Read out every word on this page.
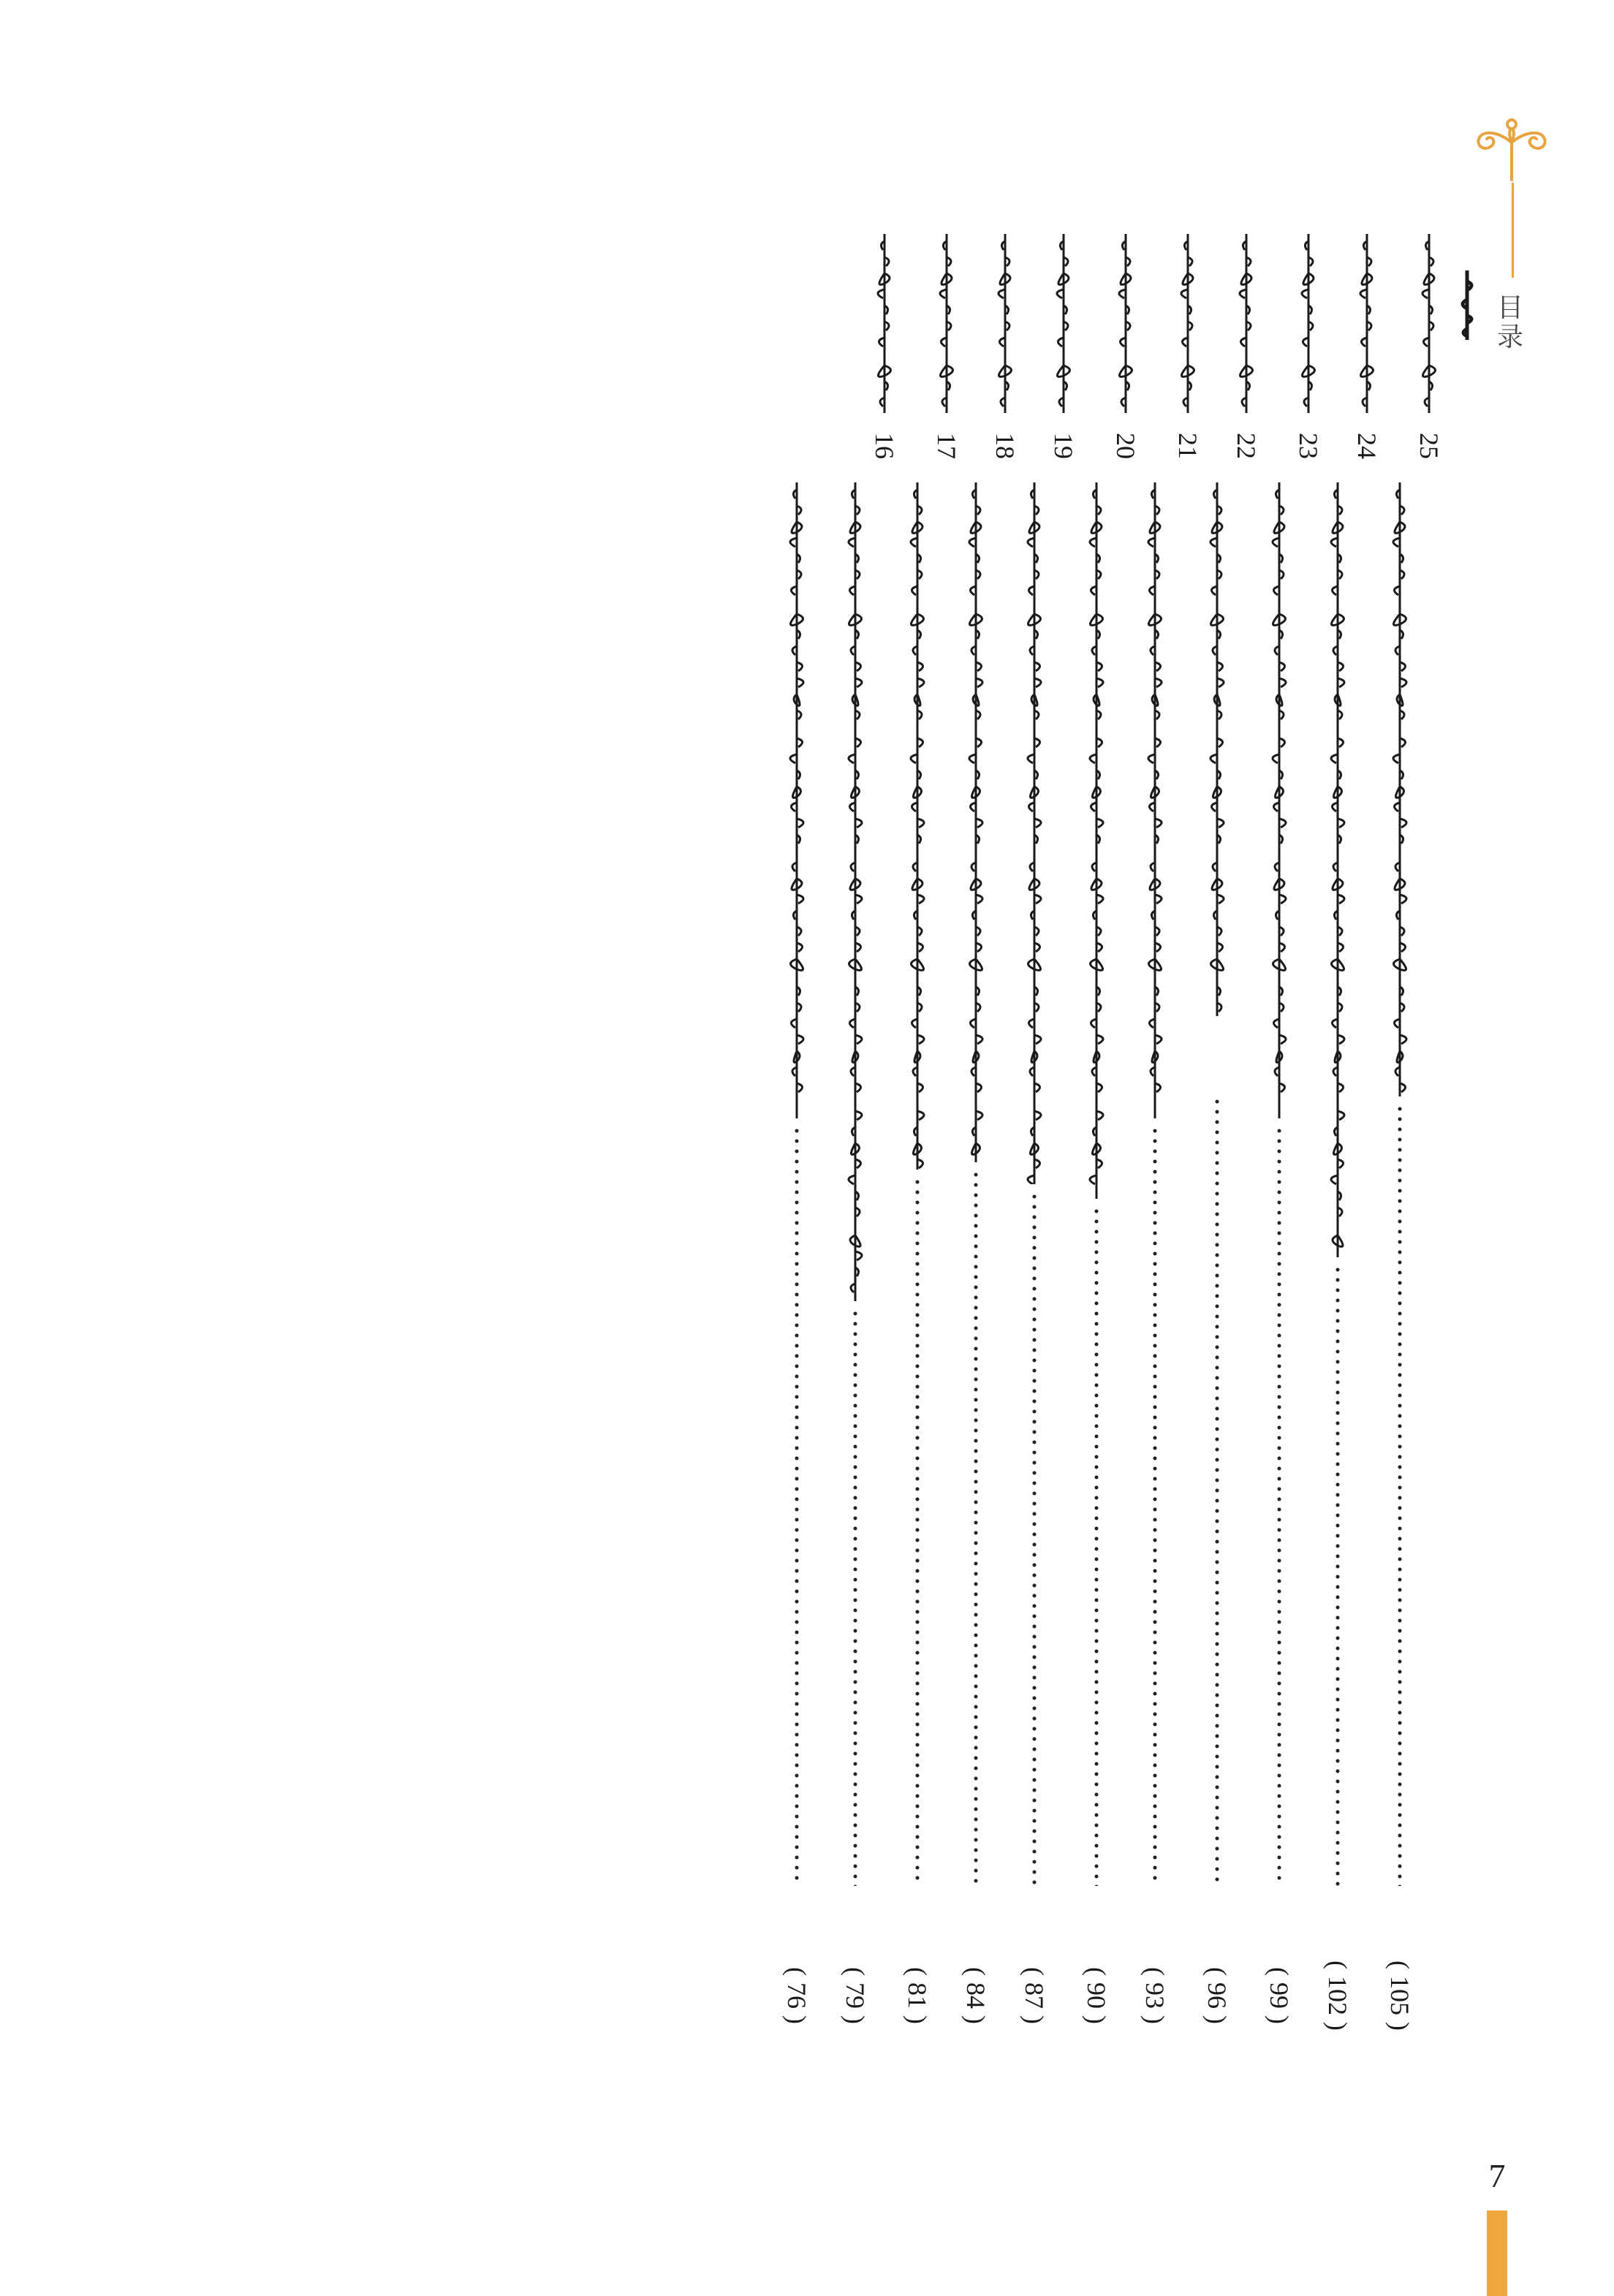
目录
25
( 105 )
24
( 102 )
23
( 99 )
22
( 96 )
21
( 93 )
20
( 90 )
19
( 87 )
18
( 84 )
17
( 81 )
16
( 79 )
( 76 )
7
